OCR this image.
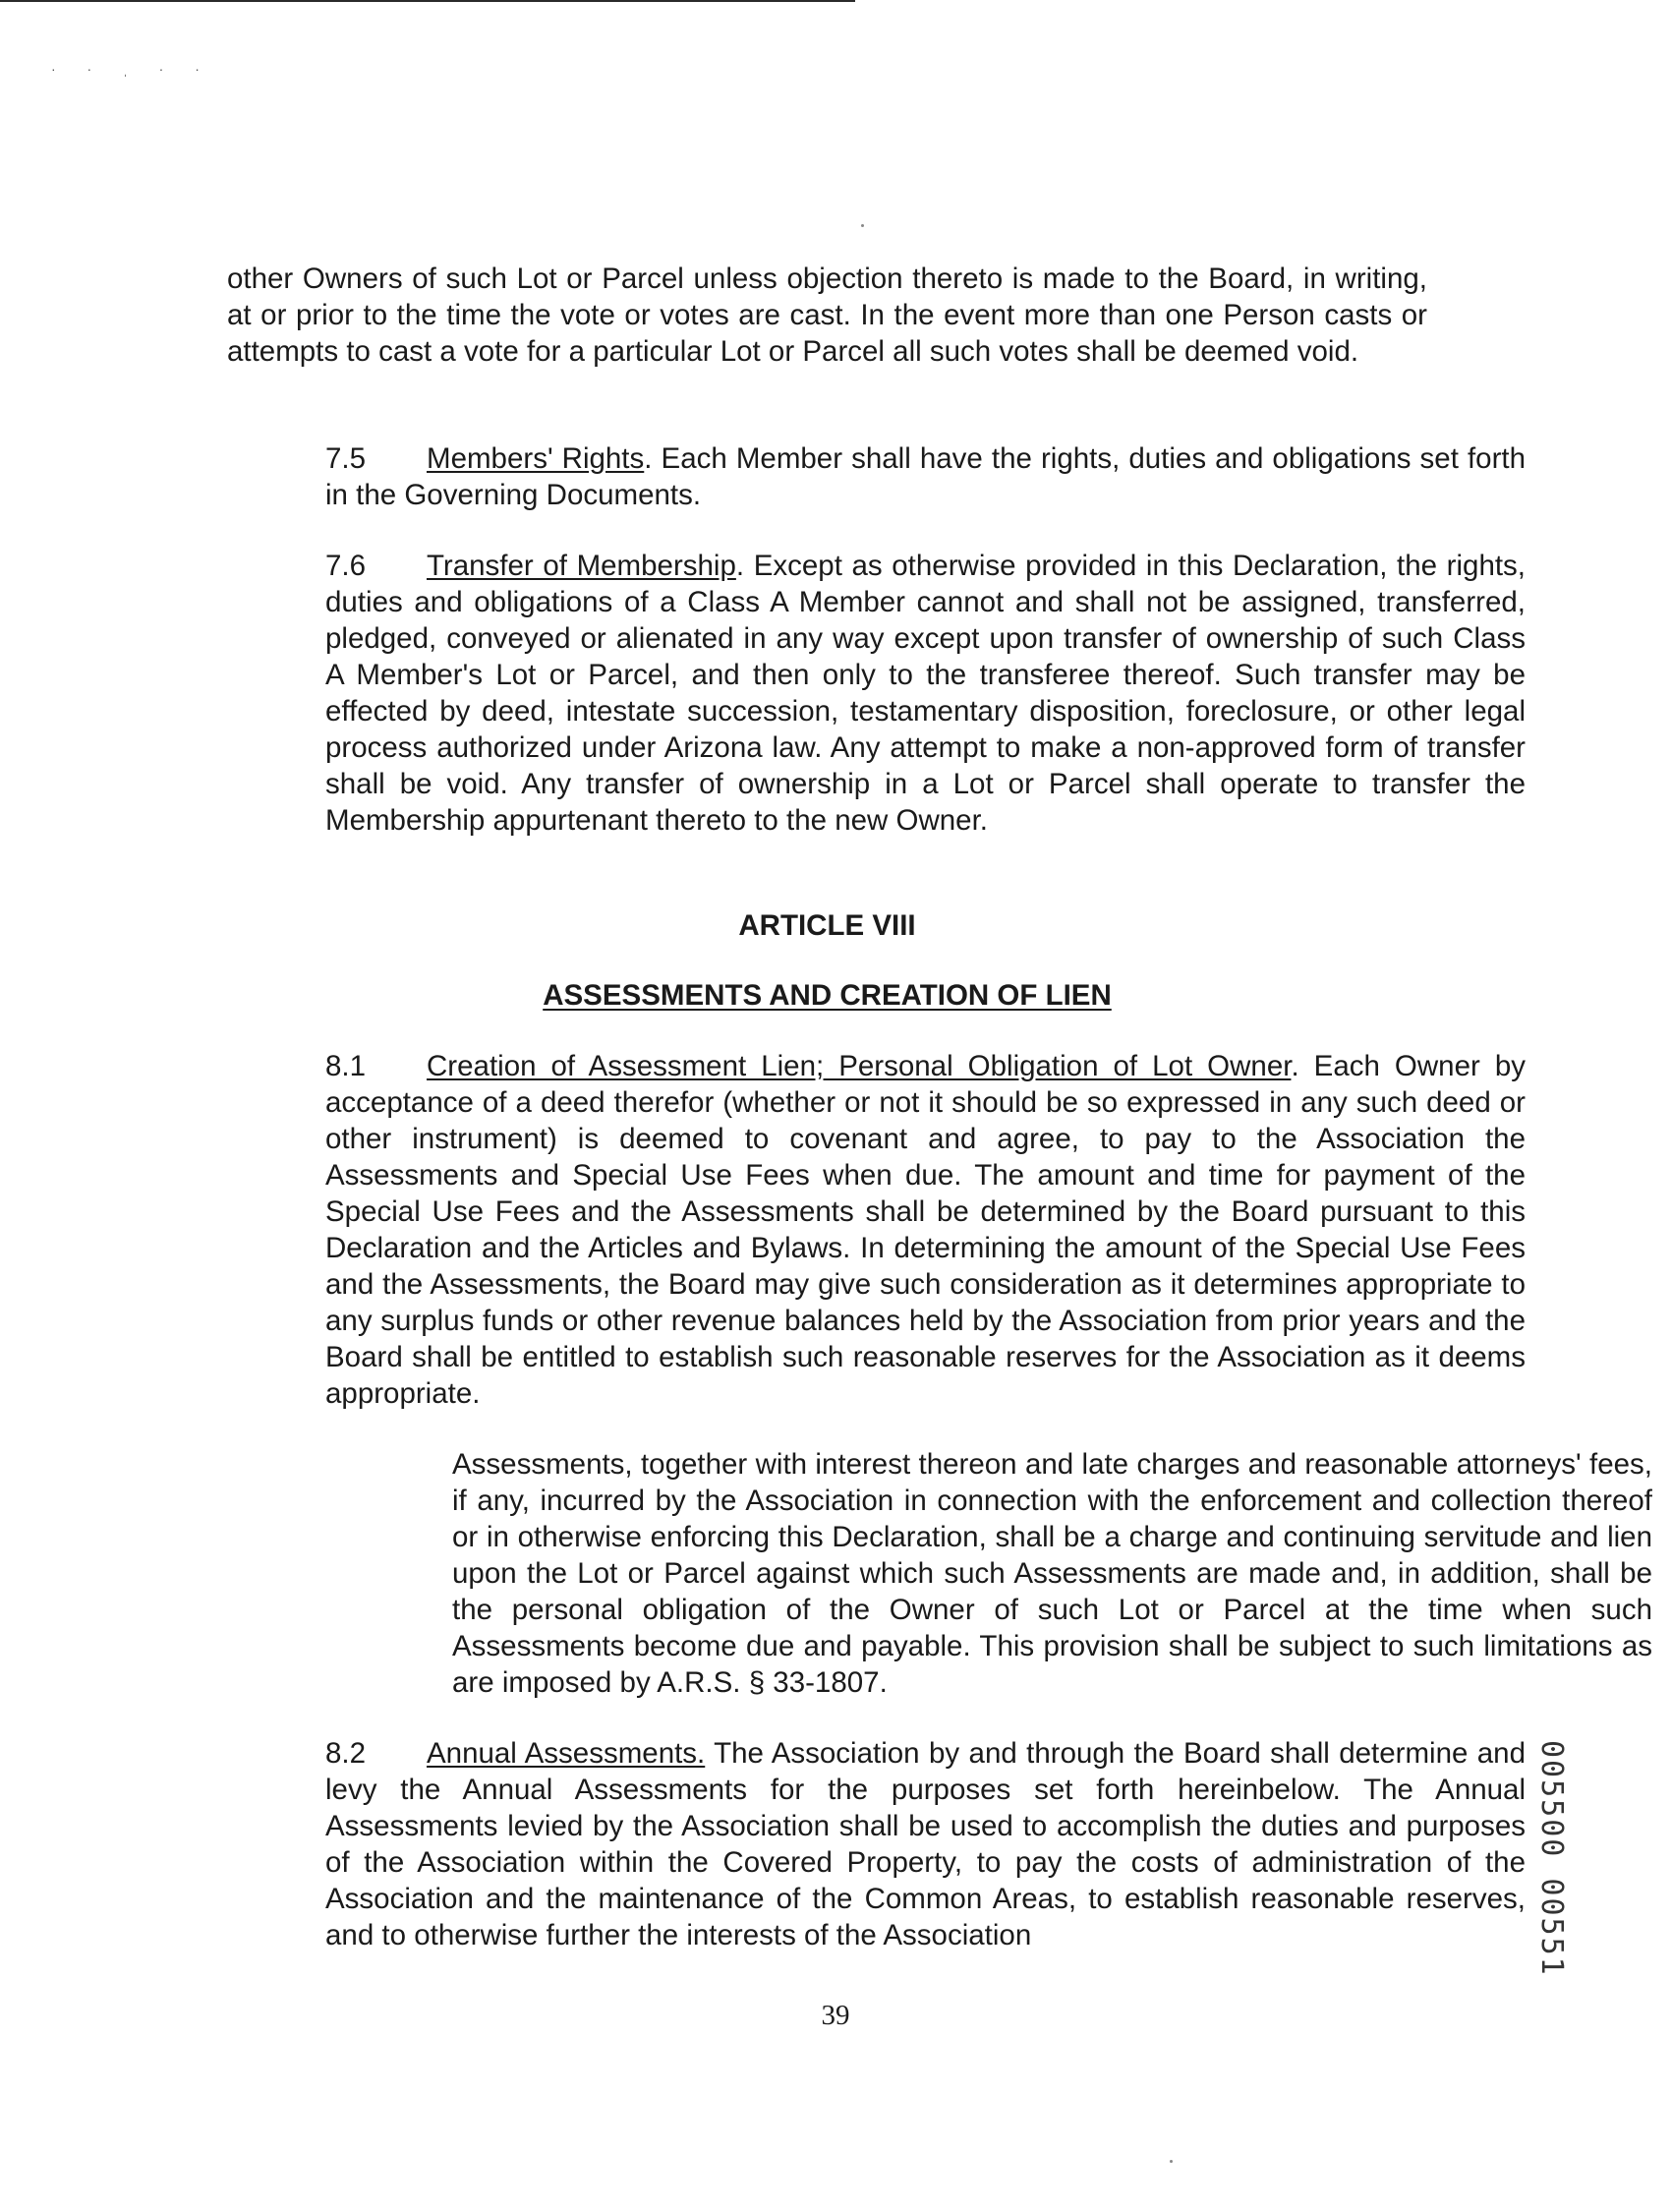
· · ˌ · ·

other Owners of such Lot or Parcel unless objection thereto is made to the Board, in writing, at or prior to the time the vote or votes are cast. In the event more than one Person casts or attempts to cast a vote for a particular Lot or Parcel all such votes shall be deemed void.

7.5 Members' Rights. Each Member shall have the rights, duties and obligations set forth in the Governing Documents.

7.6 Transfer of Membership. Except as otherwise provided in this Declaration, the rights, duties and obligations of a Class A Member cannot and shall not be assigned, transferred, pledged, conveyed or alienated in any way except upon transfer of ownership of such Class A Member's Lot or Parcel, and then only to the transferee thereof. Such transfer may be effected by deed, intestate succession, testamentary disposition, foreclosure, or other legal process authorized under Arizona law. Any attempt to make a non-approved form of transfer shall be void. Any transfer of ownership in a Lot or Parcel shall operate to transfer the Membership appurtenant thereto to the new Owner.

ARTICLE VIII

ASSESSMENTS AND CREATION OF LIEN

8.1 Creation of Assessment Lien; Personal Obligation of Lot Owner. Each Owner by acceptance of a deed therefor (whether or not it should be so expressed in any such deed or other instrument) is deemed to covenant and agree, to pay to the Association the Assessments and Special Use Fees when due. The amount and time for payment of the Special Use Fees and the Assessments shall be determined by the Board pursuant to this Declaration and the Articles and Bylaws. In determining the amount of the Special Use Fees and the Assessments, the Board may give such consideration as it determines appropriate to any surplus funds or other revenue balances held by the Association from prior years and the Board shall be entitled to establish such reasonable reserves for the Association as it deems appropriate.

Assessments, together with interest thereon and late charges and reasonable attorneys' fees, if any, incurred by the Association in connection with the enforcement and collection thereof or in otherwise enforcing this Declaration, shall be a charge and continuing servitude and lien upon the Lot or Parcel against which such Assessments are made and, in addition, shall be the personal obligation of the Owner of such Lot or Parcel at the time when such Assessments become due and payable. This provision shall be subject to such limitations as are imposed by A.R.S. § 33-1807.

8.2 Annual Assessments. The Association by and through the Board shall determine and levy the Annual Assessments for the purposes set forth hereinbelow. The Annual Assessments levied by the Association shall be used to accomplish the duties and purposes of the Association within the Covered Property, to pay the costs of administration of the Association and the maintenance of the Common Areas, to establish reasonable reserves, and to otherwise further the interests of the Association

39
005500 00551
